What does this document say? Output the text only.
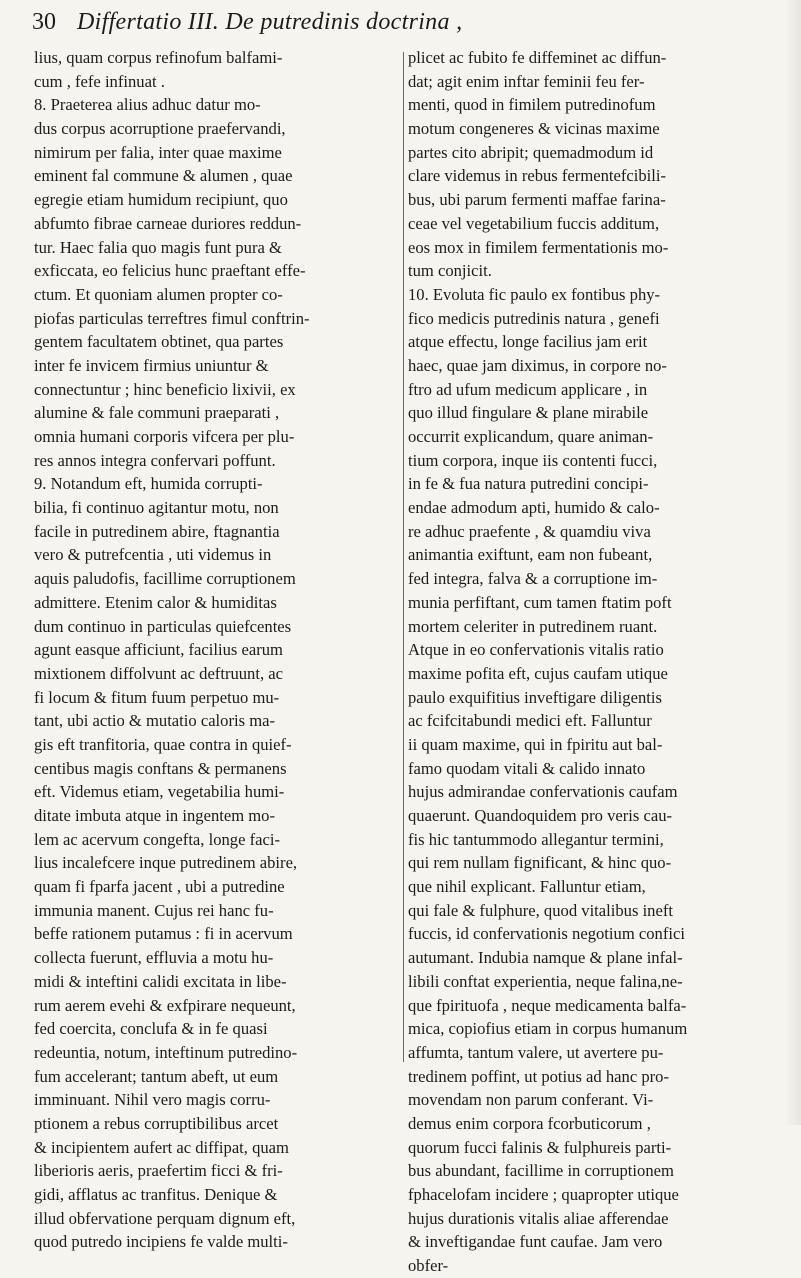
30 Differtatio III. De putredinis doctrina ,
lius, quam corpus refinofum balfami-
cum , fefe infinuat .
8. Praeterea alius adhuc datur mo-
dus corpus acorruptione praefervandi,
nimirum per falia, inter quae maxime
eminent fal commune & alumen , quae
egregie etiam humidum recipiunt, quo
abfumto fibrae carneae duriores reddun-
tur. Haec falia quo magis funt pura &
exficcata, eo felicius hunc praeftant effe-
ctum. Et quoniam alumen propter co-
piofas particulas terreftres fimul conftrin-
gentem facultatem obtinet, qua partes
inter fe invicem firmius uniuntur &
connectuntur ; hinc beneficio lixivii, ex
alumine & fale communi praeparati ,
omnia humani corporis vifcera per plu-
res annos integra confervari poffunt.
9. Notandum eft, humida corrupti-
bilia, fi continuo agitantur motu, non
facile in putredinem abire, ftagnantia
vero & putrefcentia , uti videmus in
aquis paludofis, facillime corruptionem
admittere. Etenim calor & humiditas
dum continuo in particulas quiefcentes
agunt easque afficiunt, facilius earum
mixtionem diffolvunt ac deftruunt, ac
fi locum & fitum fuum perpetuo mu-
tant, ubi actio & mutatio caloris ma-
gis eft tranfitoria, quae contra in quief-
centibus magis conftans & permanens
eft. Videmus etiam, vegetabilia humi-
ditate imbuta atque in ingentem mo-
lem ac acervum congefta, longe faci-
lius incalefcere inque putredinem abire,
quam fi fparfa jacent , ubi a putredine
immunia manent. Cujus rei hanc fu-
beffe rationem putamus : fi in acervum
collecta fuerunt, effluvia a motu hu-
midi & inteftini calidi excitata in libe-
rum aerem evehi & exfpirare nequeunt,
fed coercita, conclufa & in fe quasi
redeuntia, notum, inteftinum putredino-
fum accelerant; tantum abeft, ut eum
imminuant. Nihil vero magis corru-
ptionem a rebus corruptibilibus arcet
& incipientem aufert ac diffipat, quam
liberioris aeris, praefertim ficci & fri-
gidi, afflatus ac tranfitus. Denique &
illud obfervatione perquam dignum eft,
quod putredo incipiens fe valde multi-
plicet ac fubito fe diffeminet ac diffun-
dat; agit enim inftar feminii feu fer-
menti, quod in fimilem putredinofum
motum congeneres & vicinas maxime
partes cito abripit; quemadmodum id
clare videmus in rebus fermentefcibili-
bus, ubi parum fermenti maffae farina-
ceae vel vegetabilium fuccis additum,
eos mox in fimilem fermentationis mo-
tum conjicit.
10. Evoluta fic paulo ex fontibus phy-
fico medicis putredinis natura , genefi
atque effectu, longe facilius jam erit
haec, quae jam diximus, in corpore no-
ftro ad ufum medicum applicare , in
quo illud fingulare & plane mirabile
occurrit explicandum, quare animan-
tium corpora, inque iis contenti fucci,
in fe & fua natura putredini concipi-
endae admodum apti, humido & calo-
re adhuc praefente , & quamdiu viva
animantia exiftunt, eam non fubeant,
fed integra, falva & a corruptione im-
munia perfiftant, cum tamen ftatim poft
mortem celeriter in putredinem ruant.
Atque in eo confervationis vitalis ratio
maxime pofita eft, cujus caufam utique
paulo exquifitius inveftigare diligentis
ac fcifcitabundi medici eft. Falluntur
ii quam maxime, qui in fpiritu aut bal-
famo quodam vitali & calido innato
hujus admirandae confervationis caufam
quaerunt. Quandoquidem pro veris cau-
fis hic tantummodo allegantur termini,
qui rem nullam fignificant, & hinc quo-
que nihil explicant. Falluntur etiam,
qui fale & fulphure, quod vitalibus ineft
fuccis, id confervationis negotium confici
autumant. Indubia namque & plane infal-
libili conftat experientia, neque falina,ne-
que fpirituofa , neque medicamenta balfa-
mica, copiofius etiam in corpus humanum
affumta, tantum valere, ut avertere pu-
tredinem poffint, ut potius ad hanc pro-
movendam non parum conferant. Vi-
demus enim corpora fcorbuticorum ,
quorum fucci falinis & fulphureis parti-
bus abundant, facillime in corruptionem
fphacelofam incidere ; quapropter utique
hujus durationis vitalis aliae afferendae
& inveftigandae funt caufae. Jam vero
obfer-
